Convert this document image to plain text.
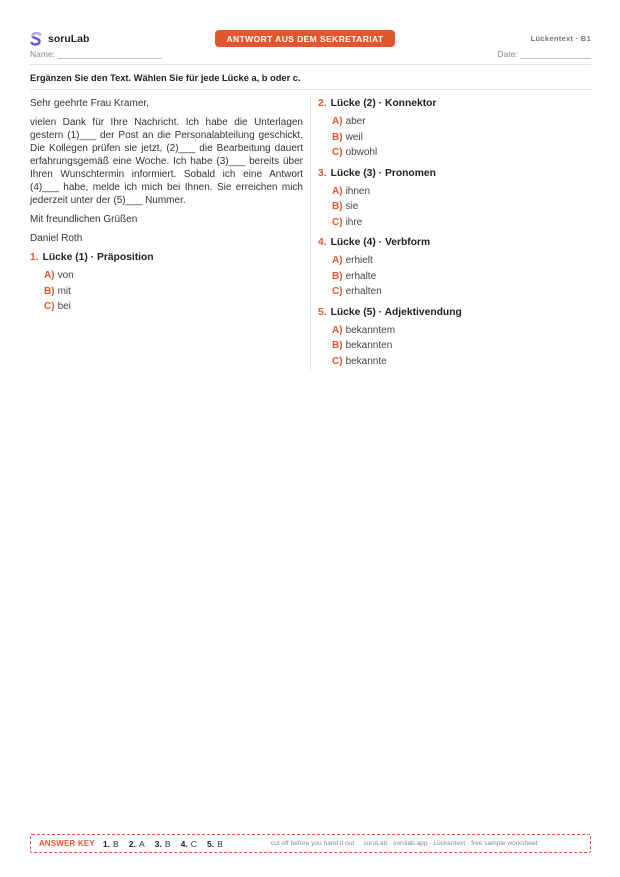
soruLab	ANTWORT AUS DEM SEKRETARIAT	Lückentext · B1
Name: ______________________	Date: _______________
Ergänzen Sie den Text. Wählen Sie für jede Lücke a, b oder c.

Sehr geehrte Frau Kramer,

vielen Dank für Ihre Nachricht. Ich habe die Unterlagen gestern (1)___ der Post an die Personalabteilung geschickt. Die Kollegen prüfen sie jetzt, (2)___ die Bearbeitung dauert erfahrungsgemäß eine Woche. Ich habe (3)___ bereits über Ihren Wunschtermin informiert. Sobald ich eine Antwort (4)___ habe, melde ich mich bei Ihnen. Sie erreichen mich jederzeit unter der (5)___ Nummer.

Mit freundlichen Grüßen

Daniel Roth

1. Lücke (1) · Präposition
A) von
B) mit
C) bei
2. Lücke (2) · Konnektor
A) aber
B) weil
C) obwohl
3. Lücke (3) · Pronomen
A) ihnen
B) sie
C) ihre
4. Lücke (4) · Verbform
A) erhielt
B) erhalte
C) erhalten
5. Lücke (5) · Adjektivendung
A) bekanntem
B) bekannten
C) bekannte
ANSWER KEY 1. B 2. A 3. B 4. C 5. B	cut off before you hand it out soruLab · sorulab.app · Lückentext · free sample worksheet
